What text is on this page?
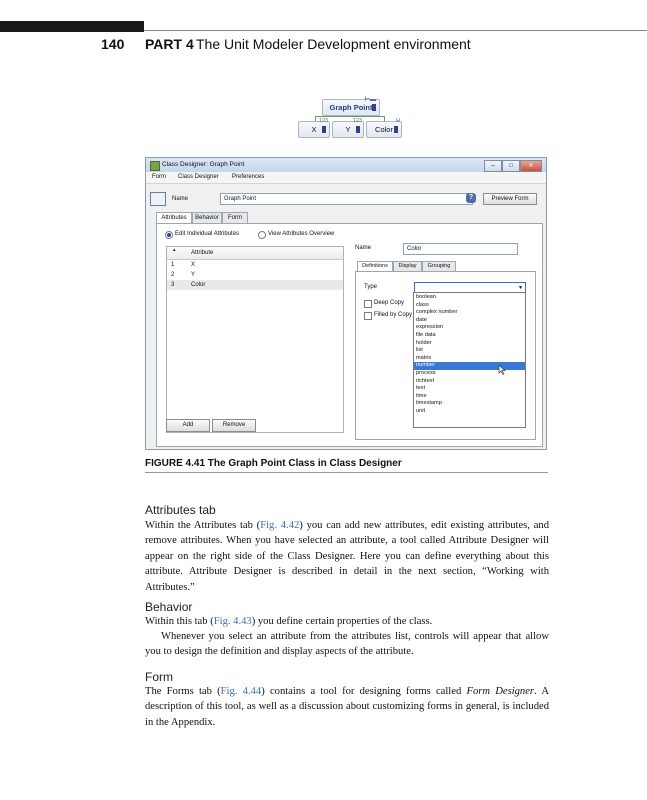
140 PART 4 The Unit Modeler Development environment
⊢▬
Graph Point
123
X
123
Y
H
Color
Class Designer: Graph Point	–	□	✕
Form Class Designer Preferences
Name	Graph Point	?	Preview Form
Attributes	Behavior	Form
Edit Individual Attributes	View Attributes Overview
▴	Attribute
1	X
2	Y
3	Color
Name	Color
Definitions	Display	Grouping
Type	▼
Deep Copy
Filled by Copy
boolean
class
complex number
date
expression
file data
holder
list
matrix
number
process
richtext
text
time
timestamp
unit
Add	Remove
FIGURE 4.41 The Graph Point Class in Class Designer
Attributes tab
Within the Attributes tab (Fig. 4.42) you can add new attributes, edit existing attributes, and remove attributes. When you have selected an attribute, a tool called Attribute Designer will appear on the right side of the Class Designer. Here you can define everything about this attribute. Attribute Designer is described in detail in the next section, “Working with Attributes.”
Behavior
Within this tab (Fig. 4.43) you define certain properties of the class.
Whenever you select an attribute from the attributes list, controls will appear that allow you to design the definition and display aspects of the attribute.
Form
The Forms tab (Fig. 4.44) contains a tool for designing forms called Form Designer. A description of this tool, as well as a discussion about customizing forms in general, is included in the Appendix.
